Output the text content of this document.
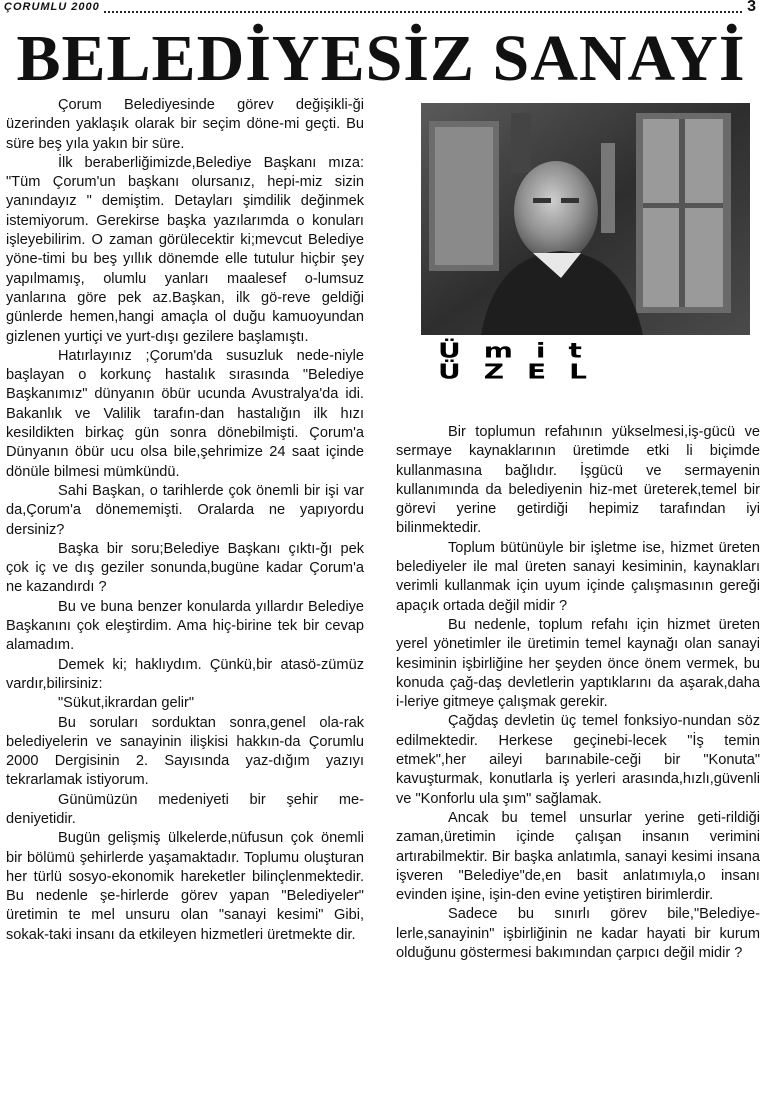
ÇORUMLU 2000	3
BELEDİYESİZ SANAYİ

Çorum Belediyesinde görev değişikli-ği üzerinden yaklaşık olarak bir seçim döne-mi geçti. Bu süre beş yıla yakın bir süre.

İlk beraberliğimizde,Belediye Başkanı mıza: "Tüm Çorum'un başkanı olursanız, hepi-miz sizin yanındayız " demiştim. Detayları şimdilik değinmek istemiyorum. Gerekirse başka yazılarımda o konuları işleyebilirim. O zaman görülecektir ki;mevcut Belediye yöne-timi bu beş yıllık dönemde elle tutulur hiçbir şey yapılmamış, olumlu yanları maalesef o-lumsuz yanlarına göre pek az.Başkan, ilk gö-reve geldiği günlerde hemen,hangi amaçla ol duğu kamuoyundan gizlenen yurtiçi ve yurt-dışı gezilere başlamıştı.

Hatırlayınız ;Çorum'da susuzluk nede-niyle başlayan o korkunç hastalık sırasında "Belediye Başkanımız" dünyanın öbür ucunda Avustralya'da idi. Bakanlık ve Valilik tarafın-dan hastalığın ilk hızı kesildikten birkaç gün sonra dönebilmişti. Çorum'a Dünyanın öbür ucu olsa bile,şehrimize 24 saat içinde dönüle bilmesi mümkündü.

Sahi Başkan, o tarihlerde çok önemli bir işi var da,Çorum'a dönememişti. Oralarda ne yapıyordu dersiniz?

Başka bir soru;Belediye Başkanı çıktı-ğı pek çok iç ve dış geziler sonunda,bugüne kadar Çorum'a ne kazandırdı ?

Bu ve buna benzer konularda yıllardır Belediye Başkanını çok eleştirdim. Ama hiç-birine tek bir cevap alamadım.

Demek ki; haklıydım. Çünkü,bir atasö-zümüz vardır,bilirsiniz:

"Sükut,ikrardan gelir"

Bu soruları sorduktan sonra,genel ola-rak belediyelerin ve sanayinin ilişkisi hakkın-da Çorumlu 2000 Dergisinin 2. Sayısında yaz-dığım yazıyı tekrarlamak istiyorum.

Günümüzün medeniyeti bir şehir me-deniyetidir.

Bugün gelişmiş ülkelerde,nüfusun çok önemli bir bölümü şehirlerde yaşamaktadır. Toplumu oluşturan her türlü sosyo-ekonomik hareketler bilinçlenmektedir. Bu nedenle şe-hirlerde görev yapan "Belediyeler" üretimin te mel unsuru olan "sanayi kesimi" Gibi, sokak-taki insanı da etkileyen hizmetleri üretmekte dir.

Ümit
ÜZEL

Bir toplumun refahının yükselmesi,iş-gücü ve sermaye kaynaklarının üretimde etki li biçimde kullanmasına bağlıdır. İşgücü ve sermayenin kullanımında da belediyenin hiz-met üreterek,temel bir görevi yerine getirdiği hepimiz tarafından iyi bilinmektedir.

Toplum bütünüyle bir işletme ise, hizmet üreten belediyeler ile mal üreten sanayi kesiminin, kaynakları verimli kullanmak için uyum içinde çalışmasının gereği apaçık ortada değil midir ?

Bu nedenle, toplum refahı için hizmet üreten yerel yönetimler ile üretimin temel kaynağı olan sanayi kesiminin işbirliğine her şeyden önce önem vermek, bu konuda çağ-daş devletlerin yaptıklarını da aşarak,daha i-leriye gitmeye çalışmak gerekir.

Çağdaş devletin üç temel fonksiyo-nundan söz edilmektedir. Herkese geçinebi-lecek "İş temin etmek",her aileyi barınabile-ceği bir "Konuta" kavuşturmak, konutlarla iş yerleri arasında,hızlı,güvenli ve "Konforlu ula şım" sağlamak.

Ancak bu temel unsurlar yerine geti-rildiği zaman,üretimin içinde çalışan insanın verimini artırabilmektir. Bir başka anlatımla, sanayi kesimi insana işveren "Belediye"de,en basit anlatımıyla,o insanı evinden işine, işin-den evine yetiştiren birimlerdir.

Sadece bu sınırlı görev bile,"Belediye-lerle,sanayinin" işbirliğinin ne kadar hayati bir kurum olduğunu göstermesi bakımından çarpıcı değil midir ?
